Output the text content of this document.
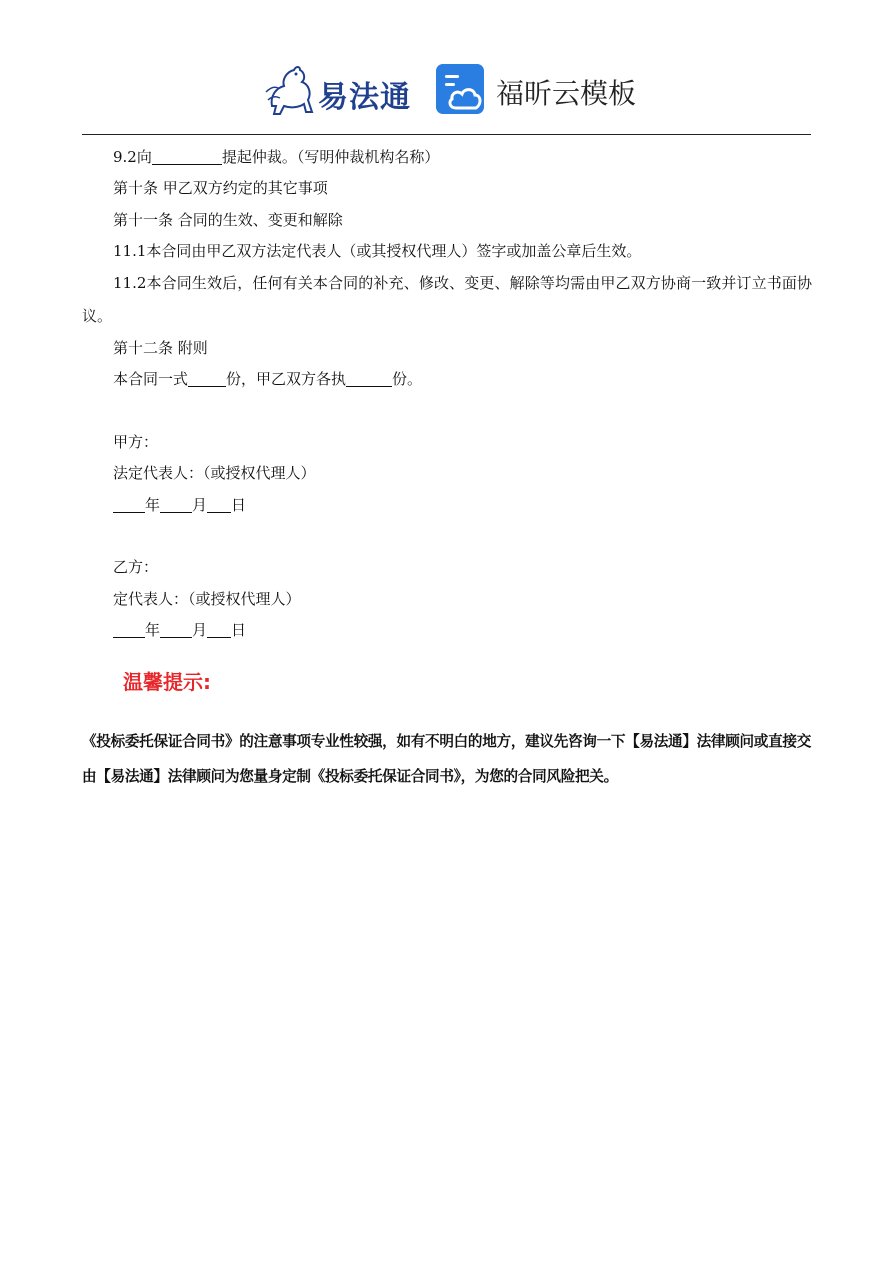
易法通	福昕云模板
9.2向	提起仲裁。（写明仲裁机构名称）
第十条 甲乙双方约定的其它事项
第十一条 合同的生效、变更和解除
11.1本合同由甲乙双方法定代表人（或其授权代理人）签字或加盖公章后生效。
11.2本合同生效后，任何有关本合同的补充、修改、变更、解除等均需由甲乙双方协商一致并订立书面协议。
第十二条 附则
本合同一式	份，甲乙双方各执	份。
甲方：
法定代表人：（或授权代理人）
年 月 日
乙方：
定代表人：（或授权代理人）
年 月 日
温馨提示:
《投标委托保证合同书》的注意事项专业性较强，如有不明白的地方，建议先咨询一下【易法通】法律顾问或直接交由【易法通】法律顾问为您量身定制《投标委托保证合同书》，为您的合同风险把关。
